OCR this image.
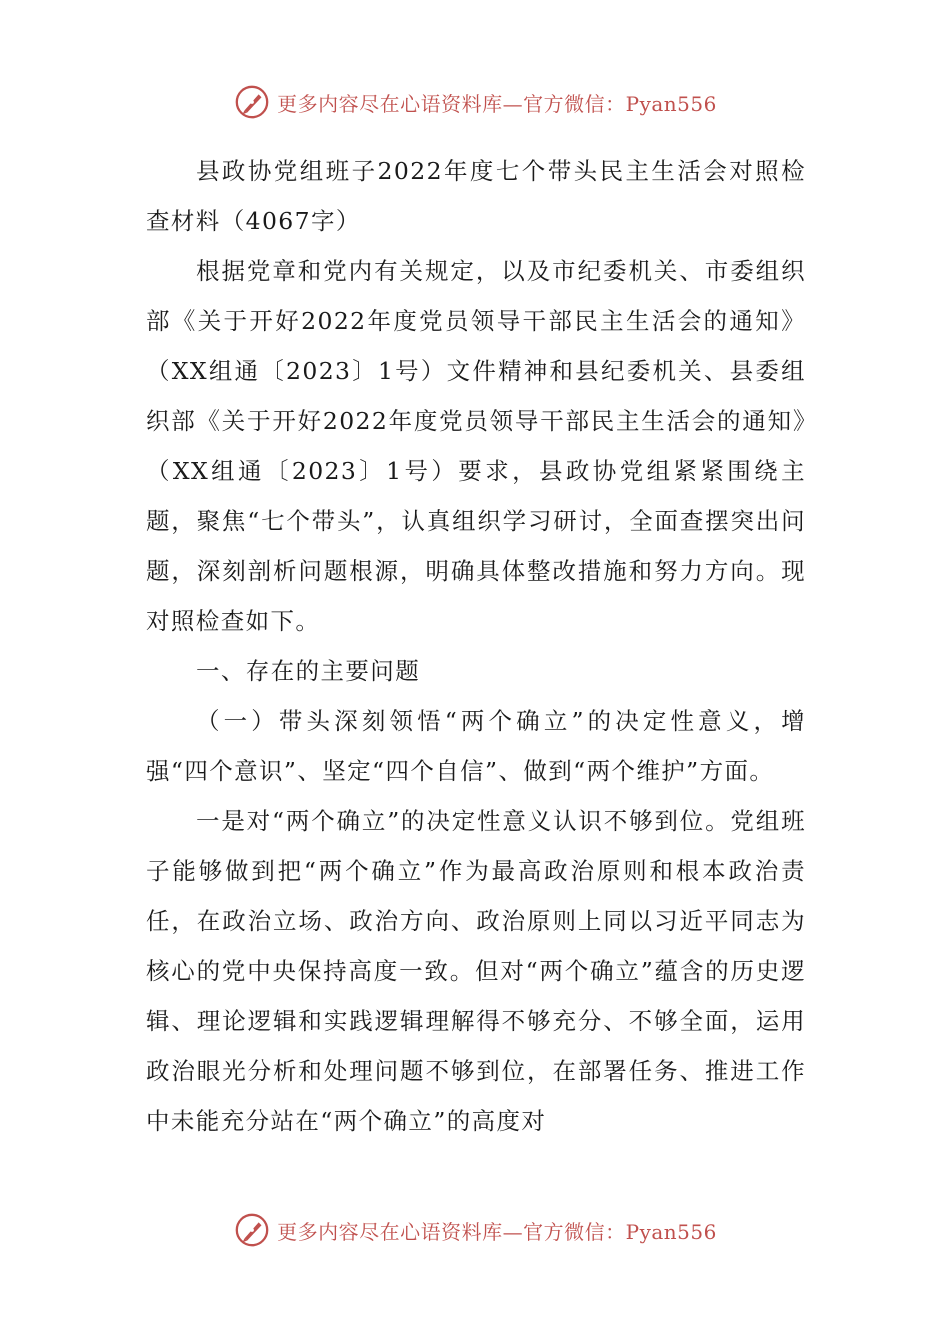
更多内容尽在心语资料库—官方微信：Pyan556

县政协党组班子2022年度七个带头民主生活会对照检查材料（4067字）

根据党章和党内有关规定，以及市纪委机关、市委组织部《关于开好2022年度党员领导干部民主生活会的通知》（XX组通〔2023〕1号）文件精神和县纪委机关、县委组织部《关于开好2022年度党员领导干部民主生活会的通知》（XX组通〔2023〕1号）要求，县政协党组紧紧围绕主题，聚焦“七个带头”，认真组织学习研讨，全面查摆突出问题，深刻剖析问题根源，明确具体整改措施和努力方向。现对照检查如下。

一、存在的主要问题

（一）带头深刻领悟“两个确立”的决定性意义，增强“四个意识”、坚定“四个自信”、做到“两个维护”方面。

一是对“两个确立”的决定性意义认识不够到位。党组班子能够做到把“两个确立”作为最高政治原则和根本政治责任，在政治立场、政治方向、政治原则上同以习近平同志为核心的党中央保持高度一致。但对“两个确立”蕴含的历史逻辑、理论逻辑和实践逻辑理解得不够充分、不够全面，运用政治眼光分析和处理问题不够到位，在部署任务、推进工作中未能充分站在“两个确立”的高度对

更多内容尽在心语资料库—官方微信：Pyan556
